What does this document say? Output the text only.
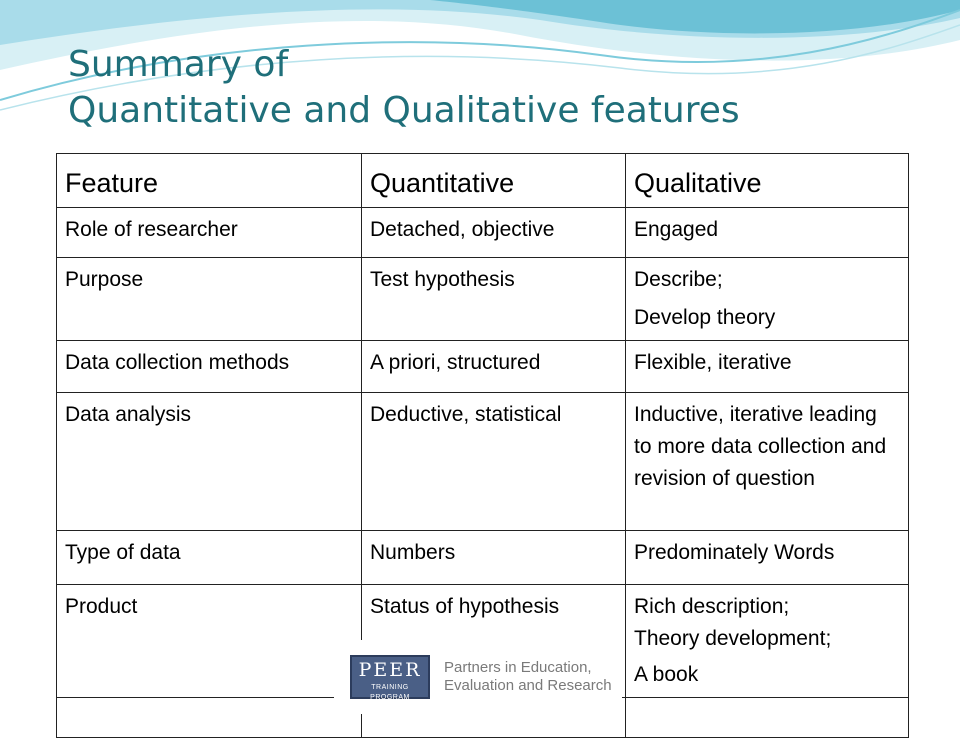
Summary of
Quantitative and Qualitative features
Feature	Quantitative	Qualitative
Role of researcher	Detached, objective	Engaged

Purpose	Test hypothesis	Describe;
Develop theory

Data collection methods	A priori, structured	Flexible, iterative

Data analysis	Deductive, statistical	Inductive, iterative leading to more data collection and revision of question

Type of data	Numbers	Predominately Words

Product	Status of hypothesis	Rich description;
Theory development;
A book

PEER
TRAINING PROGRAM
Partners in Education,
Evaluation and Research
